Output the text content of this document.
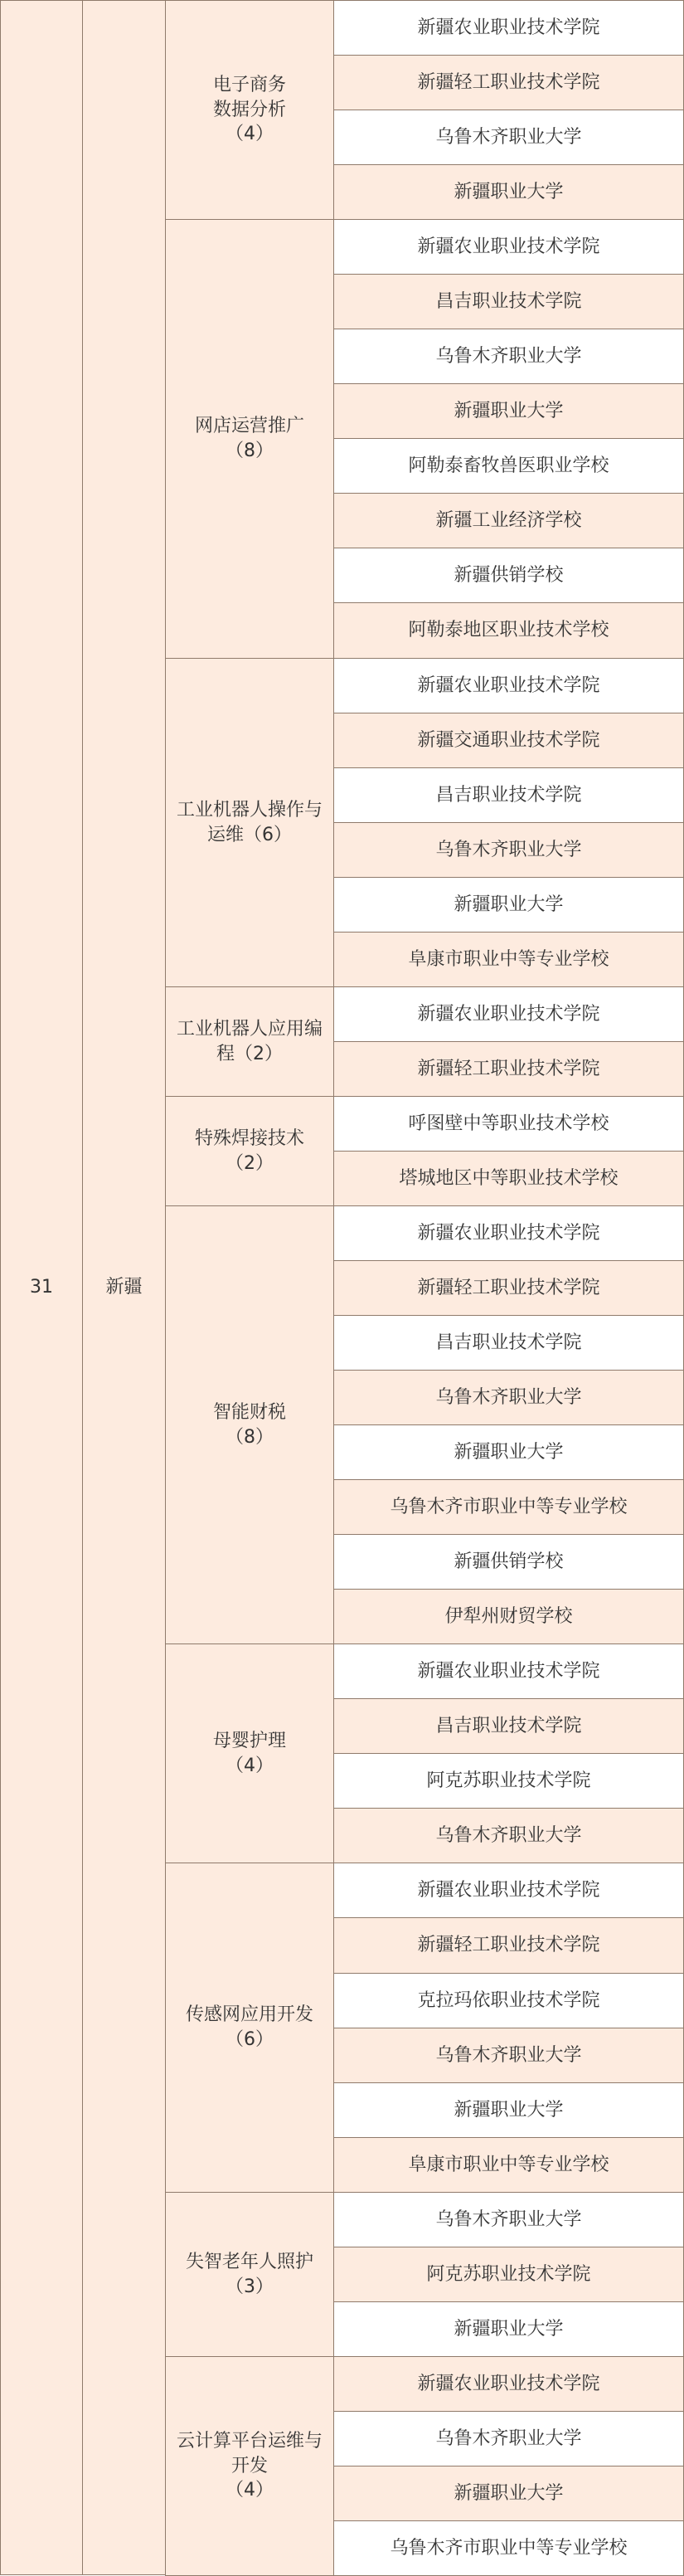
31	新疆
电子商务
数据分析
（4）
新疆农业职业技术学院
新疆轻工职业技术学院
乌鲁木齐职业大学
新疆职业大学
网店运营推广
（8）
新疆农业职业技术学院
昌吉职业技术学院
乌鲁木齐职业大学
新疆职业大学
阿勒泰畜牧兽医职业学校
新疆工业经济学校
新疆供销学校
阿勒泰地区职业技术学校
工业机器人操作与
运维（6）
新疆农业职业技术学院
新疆交通职业技术学院
昌吉职业技术学院
乌鲁木齐职业大学
新疆职业大学
阜康市职业中等专业学校
工业机器人应用编
程（2）
新疆农业职业技术学院
新疆轻工职业技术学院
特殊焊接技术
（2）
呼图壁中等职业技术学校
塔城地区中等职业技术学校
智能财税
（8）
新疆农业职业技术学院
新疆轻工职业技术学院
昌吉职业技术学院
乌鲁木齐职业大学
新疆职业大学
乌鲁木齐市职业中等专业学校
新疆供销学校
伊犁州财贸学校
母婴护理
（4）
新疆农业职业技术学院
昌吉职业技术学院
阿克苏职业技术学院
乌鲁木齐职业大学
传感网应用开发
（6）
新疆农业职业技术学院
新疆轻工职业技术学院
克拉玛依职业技术学院
乌鲁木齐职业大学
新疆职业大学
阜康市职业中等专业学校
失智老年人照护
（3）
乌鲁木齐职业大学
阿克苏职业技术学院
新疆职业大学
云计算平台运维与
开发
（4）
新疆农业职业技术学院
乌鲁木齐职业大学
新疆职业大学
乌鲁木齐市职业中等专业学校
